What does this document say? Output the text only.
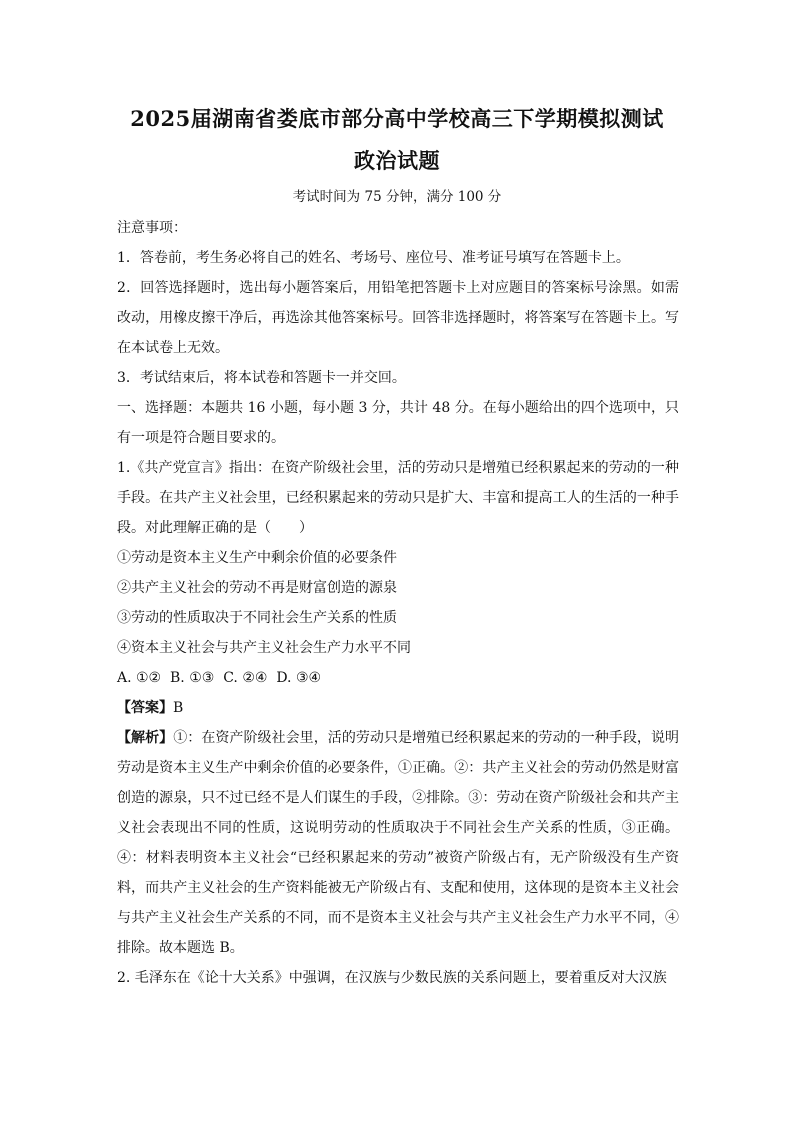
2025届湖南省娄底市部分高中学校高三下学期模拟测试
政治试题
考试时间为 75 分钟，满分 100 分

注意事项：

1．答卷前，考生务必将自己的姓名、考场号、座位号、准考证号填写在答题卡上。

2．回答选择题时，选出每小题答案后，用铅笔把答题卡上对应题目的答案标号涂黑。如需改动，用橡皮擦干净后，再选涂其他答案标号。回答非选择题时，将答案写在答题卡上。写在本试卷上无效。

3．考试结束后，将本试卷和答题卡一并交回。

一、选择题：本题共 16 小题，每小题 3 分，共计 48 分。在每小题给出的四个选项中，只有一项是符合题目要求的。

1.《共产党宣言》指出：在资产阶级社会里，活的劳动只是增殖已经积累起来的劳动的一种手段。在共产主义社会里，已经积累起来的劳动只是扩大、丰富和提高工人的生活的一种手段。对此理解正确的是（　　）

①劳动是资本主义生产中剩余价值的必要条件

②共产主义社会的劳动不再是财富创造的源泉

③劳动的性质取决于不同社会生产关系的性质

④资本主义社会与共产主义社会生产力水平不同

A. ①②  B. ①③  C. ②④  D. ③④

【答案】B

【解析】①：在资产阶级社会里，活的劳动只是增殖已经积累起来的劳动的一种手段，说明劳动是资本主义生产中剩余价值的必要条件，①正确。②：共产主义社会的劳动仍然是财富创造的源泉，只不过已经不是人们谋生的手段，②排除。③：劳动在资产阶级社会和共产主义社会表现出不同的性质，这说明劳动的性质取决于不同社会生产关系的性质，③正确。④：材料表明资本主义社会“已经积累起来的劳动”被资产阶级占有，无产阶级没有生产资料，而共产主义社会的生产资料能被无产阶级占有、支配和使用，这体现的是资本主义社会与共产主义社会生产关系的不同，而不是资本主义社会与共产主义社会生产力水平不同，④排除。故本题选 B。

2. 毛泽东在《论十大关系》中强调，在汉族与少数民族的关系问题上，要着重反对大汉族
